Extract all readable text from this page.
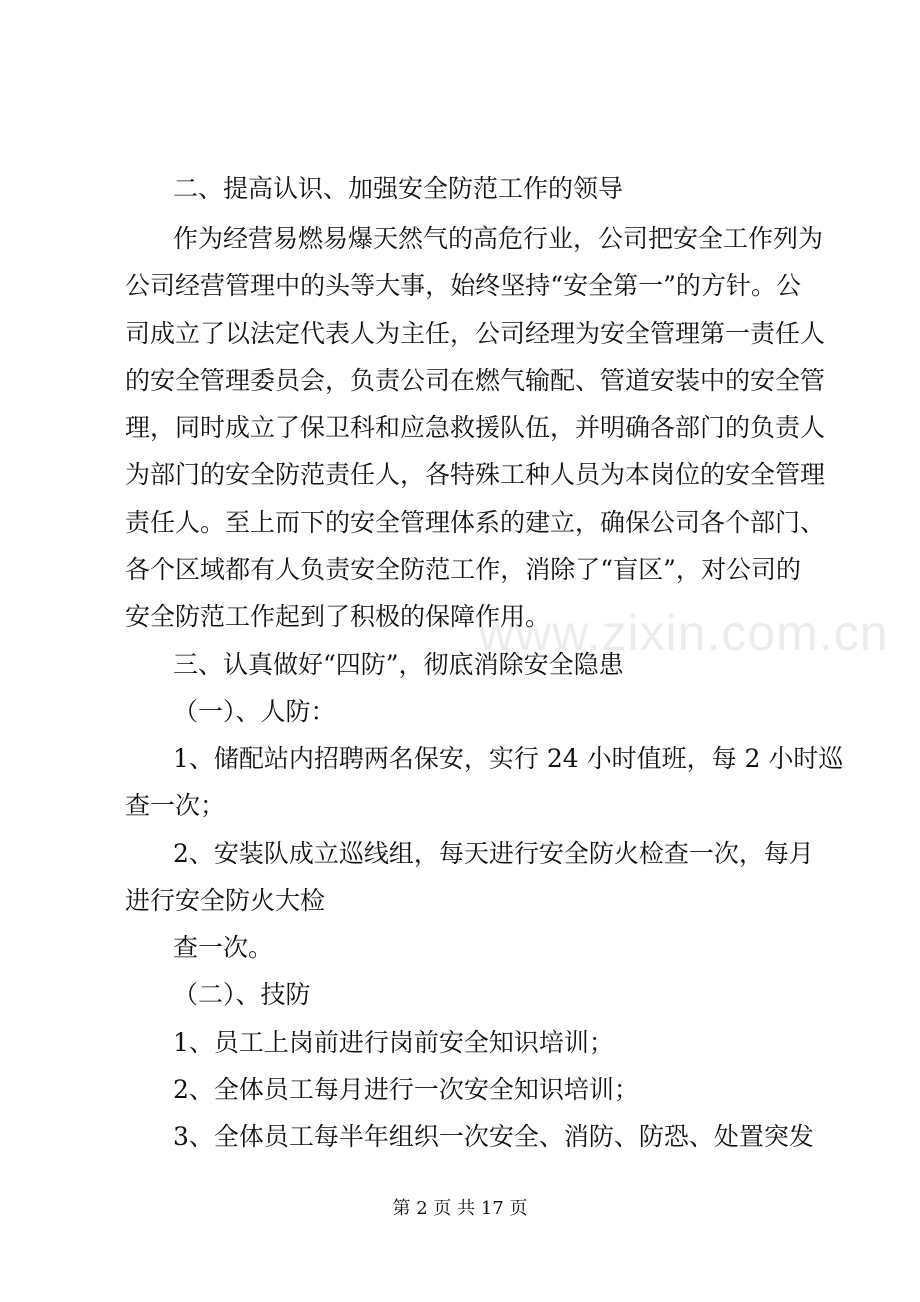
www.zixin.com.cn
二、提高认识、加强安全防范工作的领导
作为经营易燃易爆天然气的高危行业，公司把安全工作列为
公司经营管理中的头等大事，始终坚持“安全第一”的方针。公
司成立了以法定代表人为主任，公司经理为安全管理第一责任人
的安全管理委员会，负责公司在燃气输配、管道安装中的安全管
理，同时成立了保卫科和应急救援队伍，并明确各部门的负责人
为部门的安全防范责任人，各特殊工种人员为本岗位的安全管理
责任人。至上而下的安全管理体系的建立，确保公司各个部门、
各个区域都有人负责安全防范工作，消除了“盲区”，对公司的
安全防范工作起到了积极的保障作用。
三、认真做好“四防”，彻底消除安全隐患
（一）、人防：
1、储配站内招聘两名保安，实行 24 小时值班，每 2 小时巡
查一次；
2、安装队成立巡线组，每天进行安全防火检查一次，每月
进行安全防火大检
查一次。
（二）、技防
1、员工上岗前进行岗前安全知识培训；
2、全体员工每月进行一次安全知识培训；
3、全体员工每半年组织一次安全、消防、防恐、处置突发
第 2 页 共 17 页
